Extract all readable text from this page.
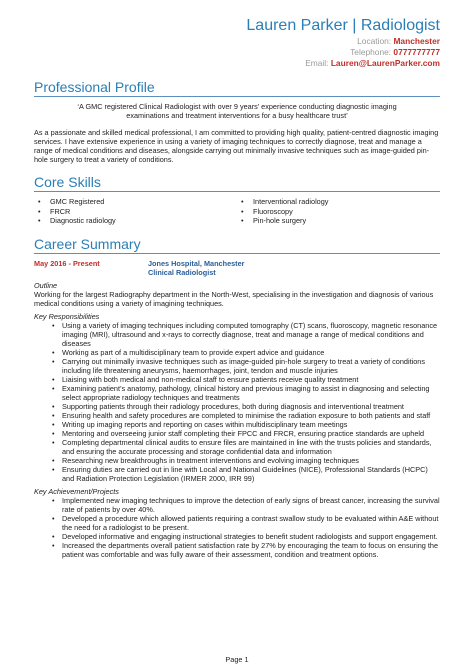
Lauren Parker | Radiologist
Location: Manchester
Telephone: 0777777777
Email: Lauren@LaurenParker.com
Professional Profile
‘A GMC registered Clinical Radiologist with over 9 years’ experience conducting diagnostic imaging examinations and treatment interventions for a busy healthcare trust’
As a passionate and skilled medical professional, I am committed to providing high quality, patient-centred diagnostic imaging services. I have extensive experience in using a variety of imaging techniques to correctly diagnose, treat and manage a range of medical conditions and diseases, alongside carrying out minimally invasive techniques such as image-guided pin-hole surgery to treat a variety of conditions.
Core Skills
• GMC Registered
• FRCR
• Diagnostic radiology
• Interventional radiology
• Fluoroscopy
• Pin-hole surgery
Career Summary
May 2016 - Present	Jones Hospital, Manchester
Clinical Radiologist
Outline
Working for the largest Radiography department in the North-West, specialising in the investigation and diagnosis of various medical conditions using a variety of imagining techniques.
Key Responsibilities
• Using a variety of imaging techniques including computed tomography (CT) scans, fluoroscopy, magnetic resonance imaging (MRI), ultrasound and x-rays to correctly diagnose, treat and manage a range of medical conditions and diseases
• Working as part of a multidisciplinary team to provide expert advice and guidance
• Carrying out minimally invasive techniques such as image-guided pin-hole surgery to treat a variety of conditions including life threatening aneurysms, haemorrhages, joint, tendon and muscle injuries
• Liaising with both medical and non-medical staff to ensure patients receive quality treatment
• Examining patient’s anatomy, pathology, clinical history and previous imaging to assist in diagnosing and selecting select appropriate radiology techniques and treatments
• Supporting patients through their radiology procedures, both during diagnosis and interventional treatment
• Ensuring health and safety procedures are completed to minimise the radiation exposure to both patients and staff
• Writing up imaging reports and reporting on cases within multidisciplinary team meetings
• Mentoring and overseeing junior staff completing their FPCC and FRCR, ensuring practice standards are upheld
• Completing departmental clinical audits to ensure files are maintained in line with the trusts policies and standards, and ensuring the accurate processing and storage confidential data and information
• Researching new breakthroughs in treatment interventions and evolving imaging techniques
• Ensuring duties are carried out in line with Local and National Guidelines (NICE), Professional Standards (HCPC) and Radiation Protection Legislation (IRMER 2000, IRR 99)
Key Achievement/Projects
• Implemented new imaging techniques to improve the detection of early signs of breast cancer, increasing the survival rate of patients by over 40%.
• Developed a procedure which allowed patients requiring a contrast swallow study to be evaluated within A&E without the need for a radiologist to be present.
• Developed informative and engaging instructional strategies to benefit student radiologists and support engagement.
• Increased the departments overall patient satisfaction rate by 27% by encouraging the team to focus on ensuring the patient was comfortable and was fully aware of their assessment, condition and treatment options.
Page 1
